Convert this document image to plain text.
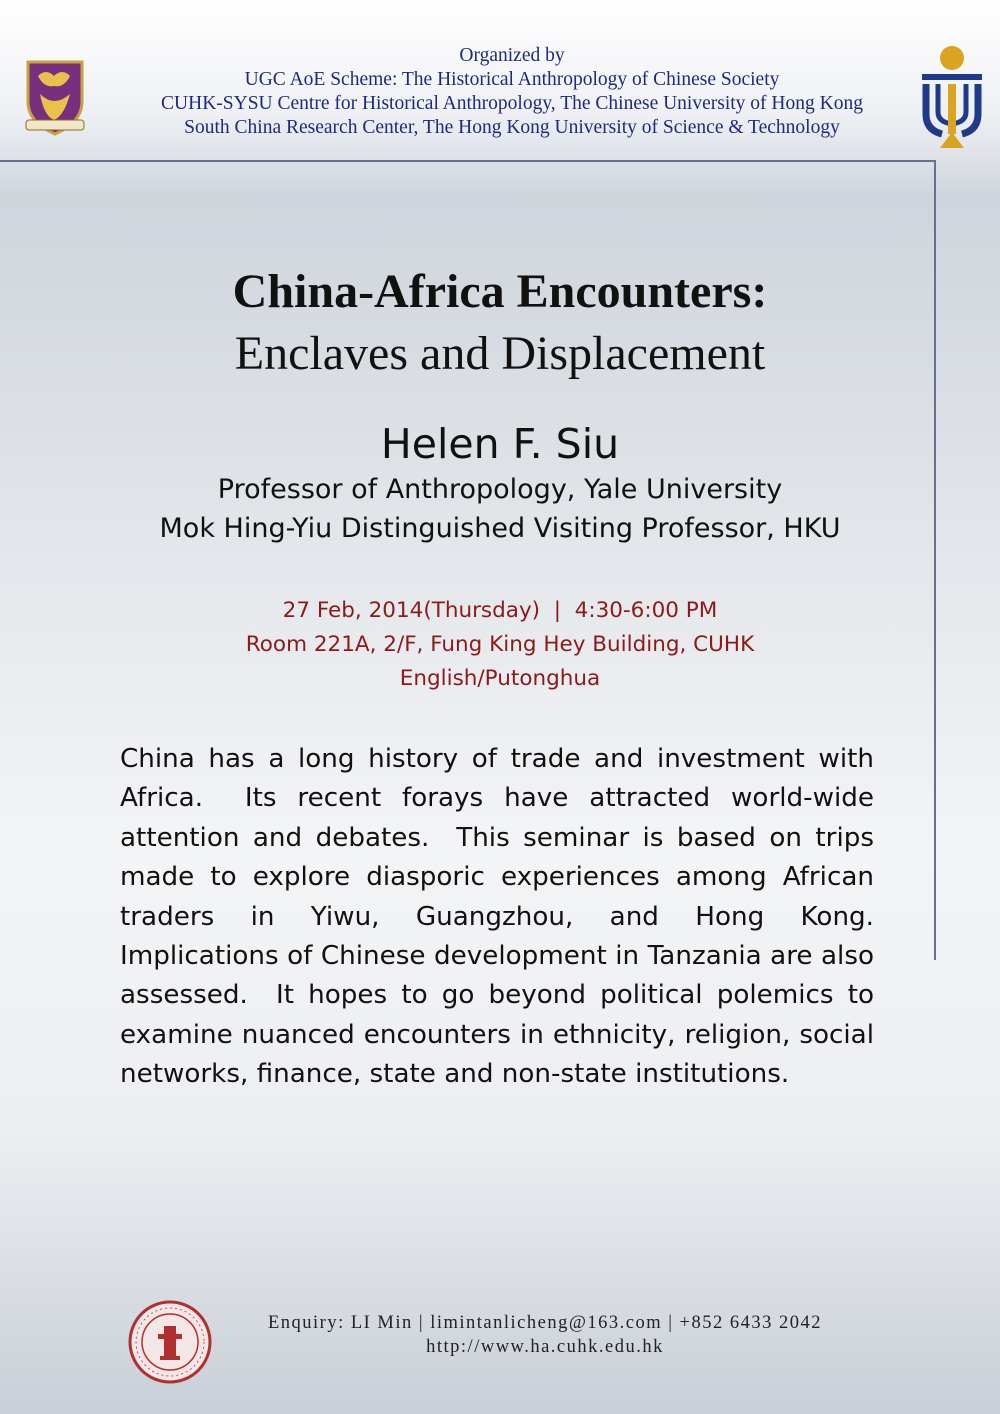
Organized by
UGC AoE Scheme: The Historical Anthropology of Chinese Society
CUHK-SYSU Centre for Historical Anthropology, The Chinese University of Hong Kong
South China Research Center, The Hong Kong University of Science & Technology
China-Africa Encounters:
Enclaves and Displacement
Helen F. Siu
Professor of Anthropology, Yale University
Mok Hing-Yiu Distinguished Visiting Professor, HKU
27 Feb, 2014(Thursday)  |  4:30-6:00 PM
Room 221A, 2/F, Fung King Hey Building, CUHK
English/Putonghua
China has a long history of trade and investment with Africa.  Its recent forays have attracted world-wide attention and debates.  This seminar is based on trips made to explore diasporic experiences among African traders in Yiwu, Guangzhou, and Hong Kong.  Implications of Chinese development in Tanzania are also assessed.  It hopes to go beyond political polemics to examine nuanced encounters in ethnicity, religion, social networks, finance, state and non-state institutions.
Enquiry: LI Min | limintanlicheng@163.com | +852 6433 2042
http://www.ha.cuhk.edu.hk
